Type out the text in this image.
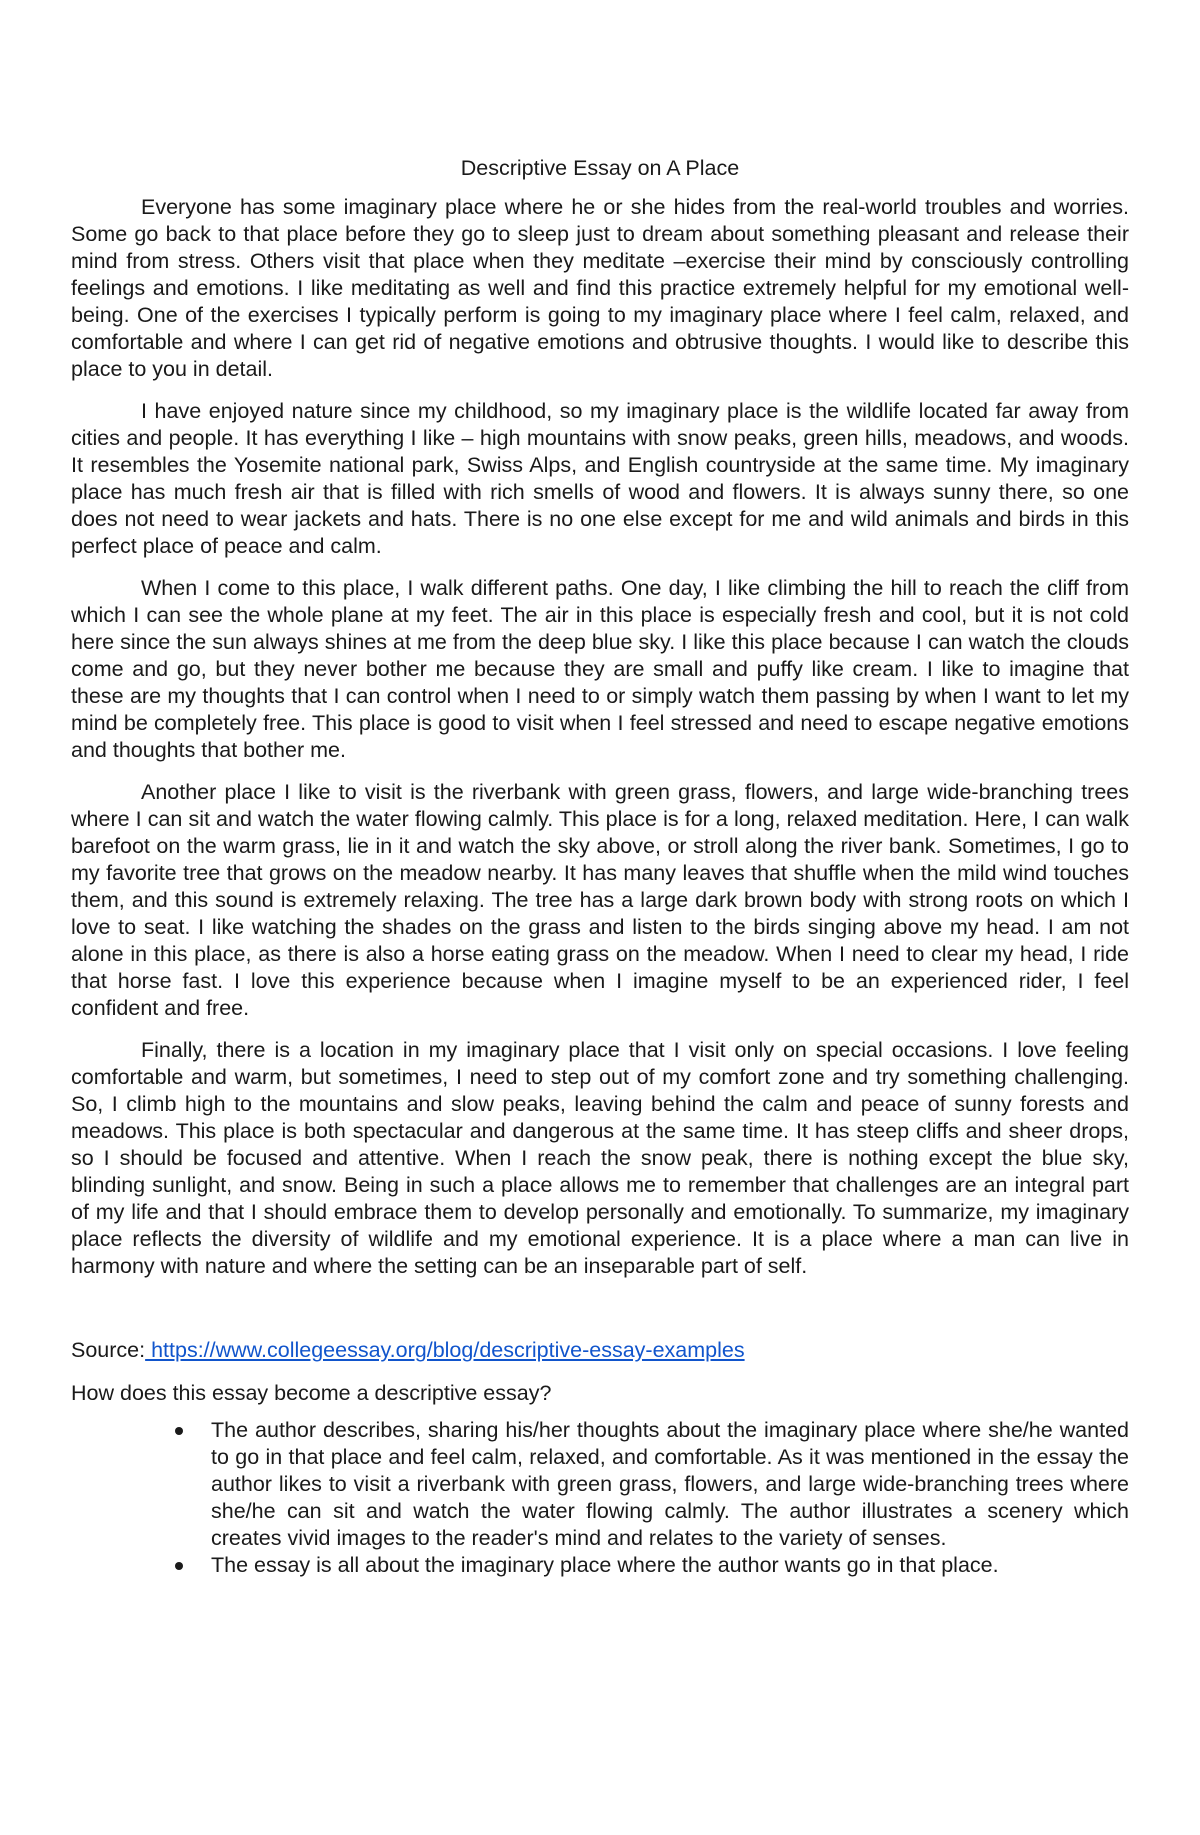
Descriptive Essay on A Place

Everyone has some imaginary place where he or she hides from the real-world troubles and worries. Some go back to that place before they go to sleep just to dream about something pleasant and release their mind from stress. Others visit that place when they meditate –exercise their mind by consciously controlling feelings and emotions. I like meditating as well and find this practice extremely helpful for my emotional well-being. One of the exercises I typically perform is going to my imaginary place where I feel calm, relaxed, and comfortable and where I can get rid of negative emotions and obtrusive thoughts. I would like to describe this place to you in detail.

I have enjoyed nature since my childhood, so my imaginary place is the wildlife located far away from cities and people. It has everything I like – high mountains with snow peaks, green hills, meadows, and woods. It resembles the Yosemite national park, Swiss Alps, and English countryside at the same time. My imaginary place has much fresh air that is filled with rich smells of wood and flowers. It is always sunny there, so one does not need to wear jackets and hats. There is no one else except for me and wild animals and birds in this perfect place of peace and calm.

When I come to this place, I walk different paths. One day, I like climbing the hill to reach the cliff from which I can see the whole plane at my feet. The air in this place is especially fresh and cool, but it is not cold here since the sun always shines at me from the deep blue sky. I like this place because I can watch the clouds come and go, but they never bother me because they are small and puffy like cream. I like to imagine that these are my thoughts that I can control when I need to or simply watch them passing by when I want to let my mind be completely free. This place is good to visit when I feel stressed and need to escape negative emotions and thoughts that bother me.

Another place I like to visit is the riverbank with green grass, flowers, and large wide-branching trees where I can sit and watch the water flowing calmly. This place is for a long, relaxed meditation. Here, I can walk barefoot on the warm grass, lie in it and watch the sky above, or stroll along the river bank. Sometimes, I go to my favorite tree that grows on the meadow nearby. It has many leaves that shuffle when the mild wind touches them, and this sound is extremely relaxing. The tree has a large dark brown body with strong roots on which I love to seat. I like watching the shades on the grass and listen to the birds singing above my head. I am not alone in this place, as there is also a horse eating grass on the meadow. When I need to clear my head, I ride that horse fast. I love this experience because when I imagine myself to be an experienced rider, I feel confident and free.

Finally, there is a location in my imaginary place that I visit only on special occasions. I love feeling comfortable and warm, but sometimes, I need to step out of my comfort zone and try something challenging. So, I climb high to the mountains and slow peaks, leaving behind the calm and peace of sunny forests and meadows. This place is both spectacular and dangerous at the same time. It has steep cliffs and sheer drops, so I should be focused and attentive. When I reach the snow peak, there is nothing except the blue sky, blinding sunlight, and snow. Being in such a place allows me to remember that challenges are an integral part of my life and that I should embrace them to develop personally and emotionally. To summarize, my imaginary place reflects the diversity of wildlife and my emotional experience. It is a place where a man can live in harmony with nature and where the setting can be an inseparable part of self.

Source: https://www.collegeessay.org/blog/descriptive-essay-examples
How does this essay become a descriptive essay?
The author describes, sharing his/her thoughts about the imaginary place where she/he wanted to go in that place and feel calm, relaxed, and comfortable. As it was mentioned in the essay the author likes to visit a riverbank with green grass, flowers, and large wide-branching trees where she/he can sit and watch the water flowing calmly. The author illustrates a scenery which creates vivid images to the reader's mind and relates to the variety of senses.
The essay is all about the imaginary place where the author wants go in that place.
